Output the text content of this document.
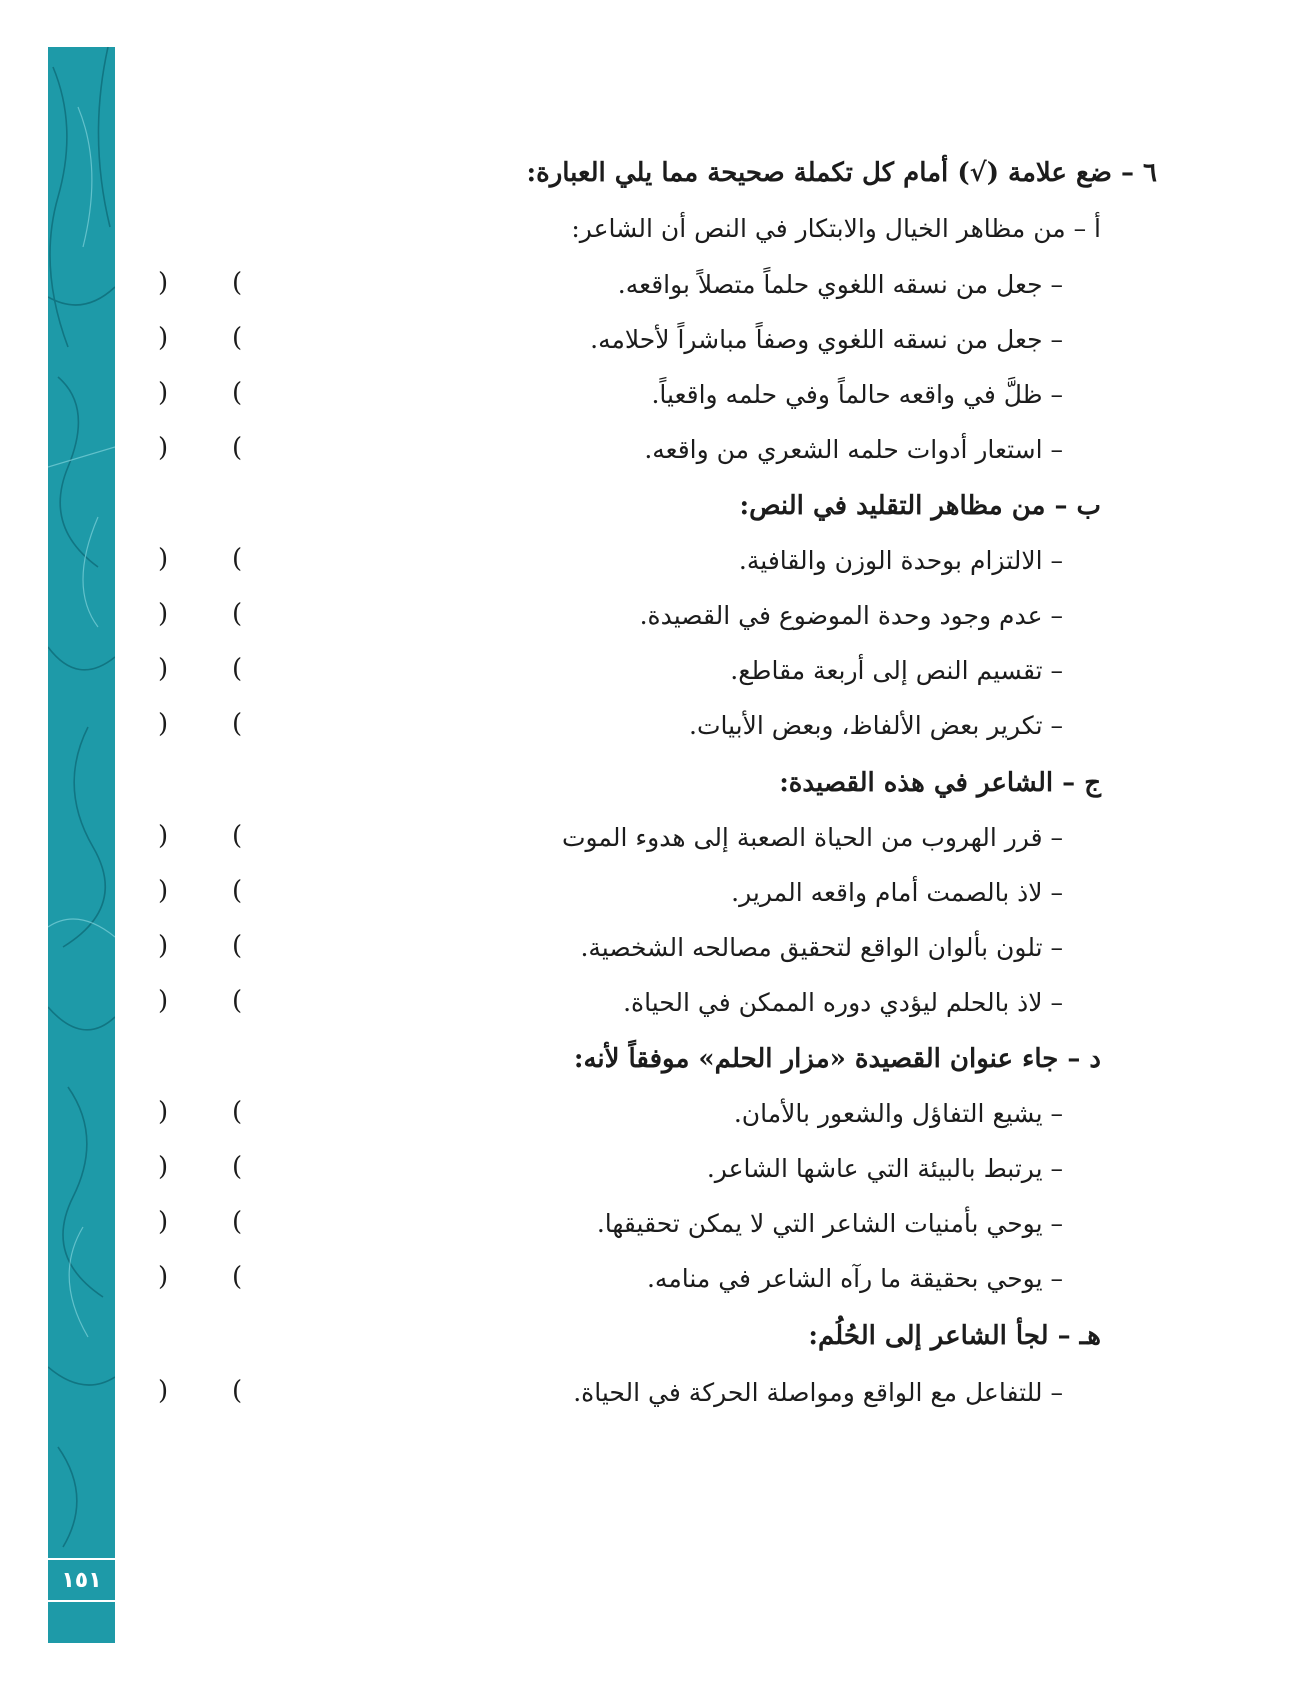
١٥١
٦ – ضع علامة (√) أمام كل تكملة صحيحة مما يلي العبارة:
أ – من مظاهر الخيال والابتكار في النص أن الشاعر:
– جعل من نسقه اللغوي حلماً متصلاً بواقعه.
– جعل من نسقه اللغوي وصفاً مباشراً لأحلامه.
– ظلَّ في واقعه حالماً وفي حلمه واقعياً.
– استعار أدوات حلمه الشعري من واقعه.
ب – من مظاهر التقليد في النص:
– الالتزام بوحدة الوزن والقافية.
– عدم وجود وحدة الموضوع في القصيدة.
– تقسيم النص إلى أربعة مقاطع.
– تكرير بعض الألفاظ، وبعض الأبيات.
ج – الشاعر في هذه القصيدة:
– قرر الهروب من الحياة الصعبة إلى هدوء الموت
– لاذ بالصمت أمام واقعه المرير.
– تلون بألوان الواقع لتحقيق مصالحه الشخصية.
– لاذ بالحلم ليؤدي دوره الممكن في الحياة.
د – جاء عنوان القصيدة «مزار الحلم» موفقاً لأنه:
– يشيع التفاؤل والشعور بالأمان.
– يرتبط بالبيئة التي عاشها الشاعر.
– يوحي بأمنيات الشاعر التي لا يمكن تحقيقها.
– يوحي بحقيقة ما رآه الشاعر في منامه.
هـ – لجأ الشاعر إلى الحُلُم:
– للتفاعل مع الواقع ومواصلة الحركة في الحياة.
) (
) (
) (
) (
) (
) (
) (
) (
) (
) (
) (
) (
) (
) (
) (
) (
) (
